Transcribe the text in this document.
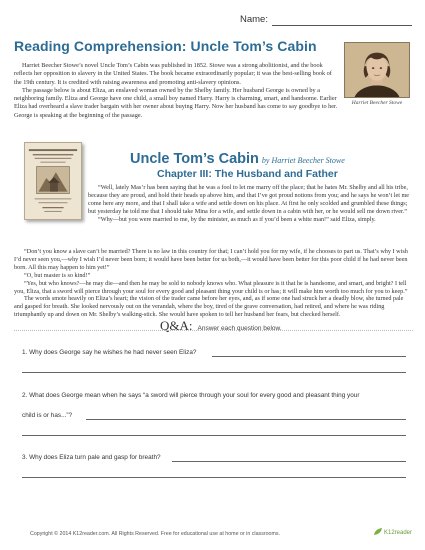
Name:
Reading Comprehension: Uncle Tom’s Cabin
Harriet Beecher Stowe

Harriet Beecher Stowe’s novel Uncle Tom’s Cabin was published in 1852. Stowe was a strong abolitionist, and the book reflects her opposition to slavery in the United States. The book became extraordinarily popular; it was the best-selling book of the 19th century. It is credited with raising awareness and promoting anti-slavery opinions.

The passage below is about Eliza, an enslaved woman owned by the Shelby family. Her husband George is owned by a neighboring family. Eliza and George have one child, a small boy named Harry. Harry is charming, smart, and handsome. Earlier Eliza had overheard a slave trader bargain with her owner about buying Harry. Now her husband has come to say goodbye to her. George is speaking at the beginning of the passage.

Uncle Tom’s Cabin by Harriet Beecher Stowe
Chapter III: The Husband and Father

“Well, lately Mas’r has been saying that he was a fool to let me marry off the place; that he hates Mr. Shelby and all his tribe, because they are proud, and hold their heads up above him, and that I’ve got proud notions from you; and he says he won’t let me come here any more, and that I shall take a wife and settle down on his place. At first he only scolded and grumbled these things; but yesterday he told me that I should take Mina for a wife, and settle down in a cabin with her, or he would sell me down river.”

“Why—but you were married to me, by the minister, as much as if you’d been a white man!” said Eliza, simply.

“Don’t you know a slave can’t be married? There is no law in this country for that; I can’t hold you for my wife, if he chooses to part us. That’s why I wish I’d never seen you,—why I wish I’d never been born; it would have been better for us both,—it would have been better for this poor child if he had never been born. All this may happen to him yet!”

“O, but master is so kind!”

“Yes, but who knows?—he may die—and then he may be sold to nobody knows who. What pleasure is it that he is handsome, and smart, and bright? I tell you, Eliza, that a sword will pierce through your soul for every good and pleasant thing your child is or has; it will make him worth too much for you to keep.”

The words smote heavily on Eliza’s heart; the vision of the trader came before her eyes, and, as if some one had struck her a deadly blow, she turned pale and gasped for breath. She looked nervously out on the verandah, where the boy, tired of the grave conversation, had retired, and where he was riding triumphantly up and down on Mr. Shelby’s walking-stick. She would have spoken to tell her husband her fears, but checked herself.

Q&A: Answer each question below.
1. Why does George say he wishes he had never seen Eliza?
2. What does George mean when he says “a sword will pierce through your soul for every good and pleasant thing your
child is or has...”?
3. Why does Eliza turn pale and gasp for breath?
Copyright © 2014 K12reader.com. All Rights Reserved. Free for educational use at home or in classrooms.	K12reader
